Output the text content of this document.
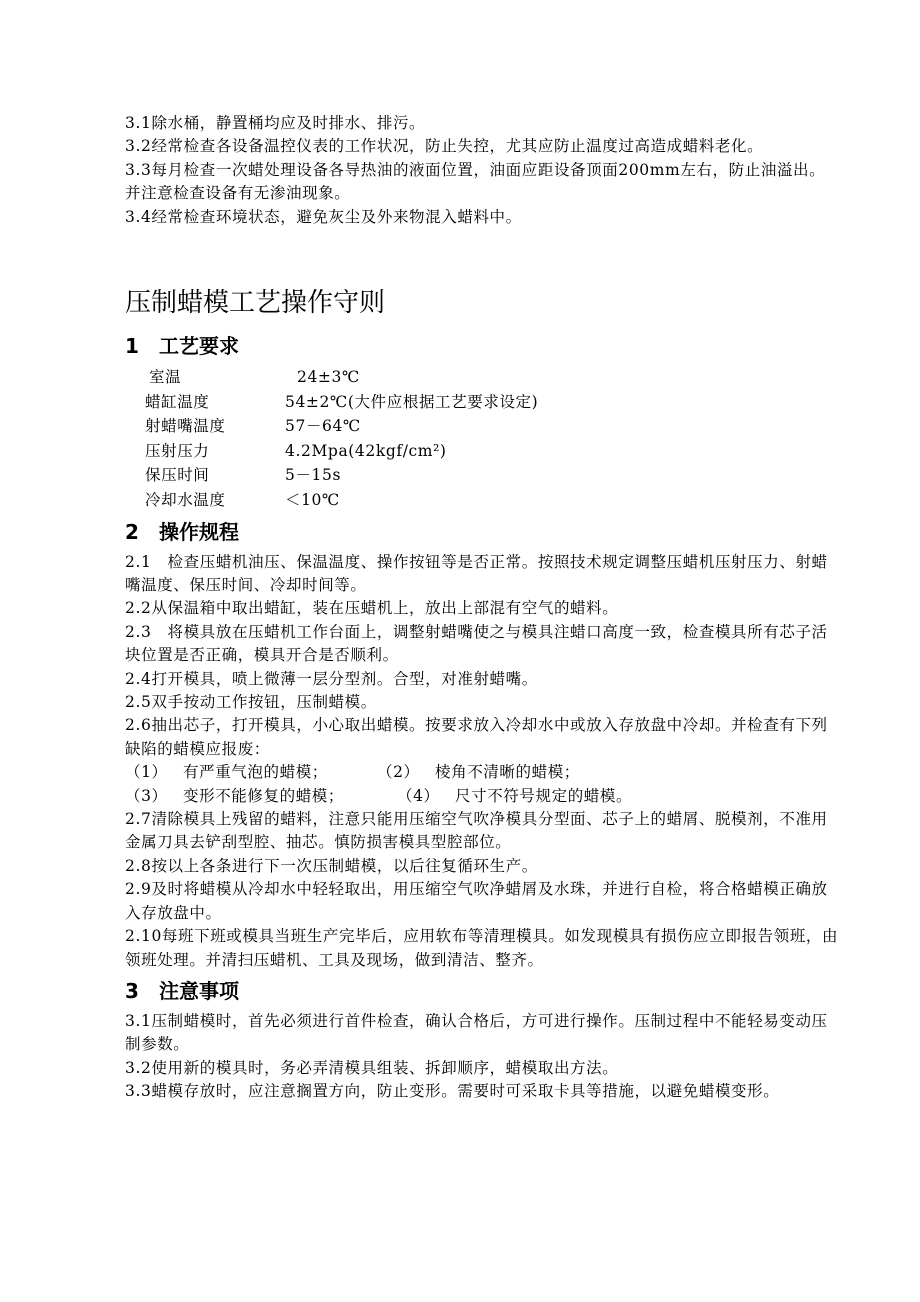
3.1除水桶，静置桶均应及时排水、排污。

3.2经常检查各设备温控仪表的工作状况，防止失控，尤其应防止温度过高造成蜡料老化。

3.3每月检查一次蜡处理设备各导热油的液面位置，油面应距设备顶面200mm左右，防止油溢出。并注意检查设备有无渗油现象。

3.4经常检查环境状态，避免灰尘及外来物混入蜡料中。

压制蜡模工艺操作守则
1 工艺要求
室温	24±3℃
蜡缸温度	54±2℃(大件应根据工艺要求设定)
射蜡嘴温度	57－64℃
压射压力	4.2Mpa(42kgf/cm²)
保压时间	5－15s
冷却水温度	＜10℃
2 操作规程

2.1　检查压蜡机油压、保温温度、操作按钮等是否正常。按照技术规定调整压蜡机压射压力、射蜡嘴温度、保压时间、冷却时间等。

2.2从保温箱中取出蜡缸，装在压蜡机上，放出上部混有空气的蜡料。

2.3　将模具放在压蜡机工作台面上，调整射蜡嘴使之与模具注蜡口高度一致，检查模具所有芯子活块位置是否正确，模具开合是否顺利。

2.4打开模具，喷上微薄一层分型剂。合型，对准射蜡嘴。

2.5双手按动工作按钮，压制蜡模。

2.6抽出芯子，打开模具，小心取出蜡模。按要求放入冷却水中或放入存放盘中冷却。并检查有下列缺陷的蜡模应报废：

（1） 有严重气泡的蜡模；	（2） 棱角不清晰的蜡模；
（3） 变形不能修复的蜡模；	（4） 尺寸不符号规定的蜡模。

2.7清除模具上残留的蜡料，注意只能用压缩空气吹净模具分型面、芯子上的蜡屑、脱模剂，不准用金属刀具去铲刮型腔、抽芯。慎防损害模具型腔部位。

2.8按以上各条进行下一次压制蜡模，以后往复循环生产。

2.9及时将蜡模从冷却水中轻轻取出，用压缩空气吹净蜡屑及水珠，并进行自检，将合格蜡模正确放入存放盘中。

2.10每班下班或模具当班生产完毕后，应用软布等清理模具。如发现模具有损伤应立即报告领班，由领班处理。并清扫压蜡机、工具及现场，做到清洁、整齐。

3 注意事项

3.1压制蜡模时，首先必须进行首件检查，确认合格后，方可进行操作。压制过程中不能轻易变动压制参数。

3.2使用新的模具时，务必弄清模具组装、拆卸顺序，蜡模取出方法。

3.3蜡模存放时，应注意搁置方向，防止变形。需要时可采取卡具等措施，以避免蜡模变形。
